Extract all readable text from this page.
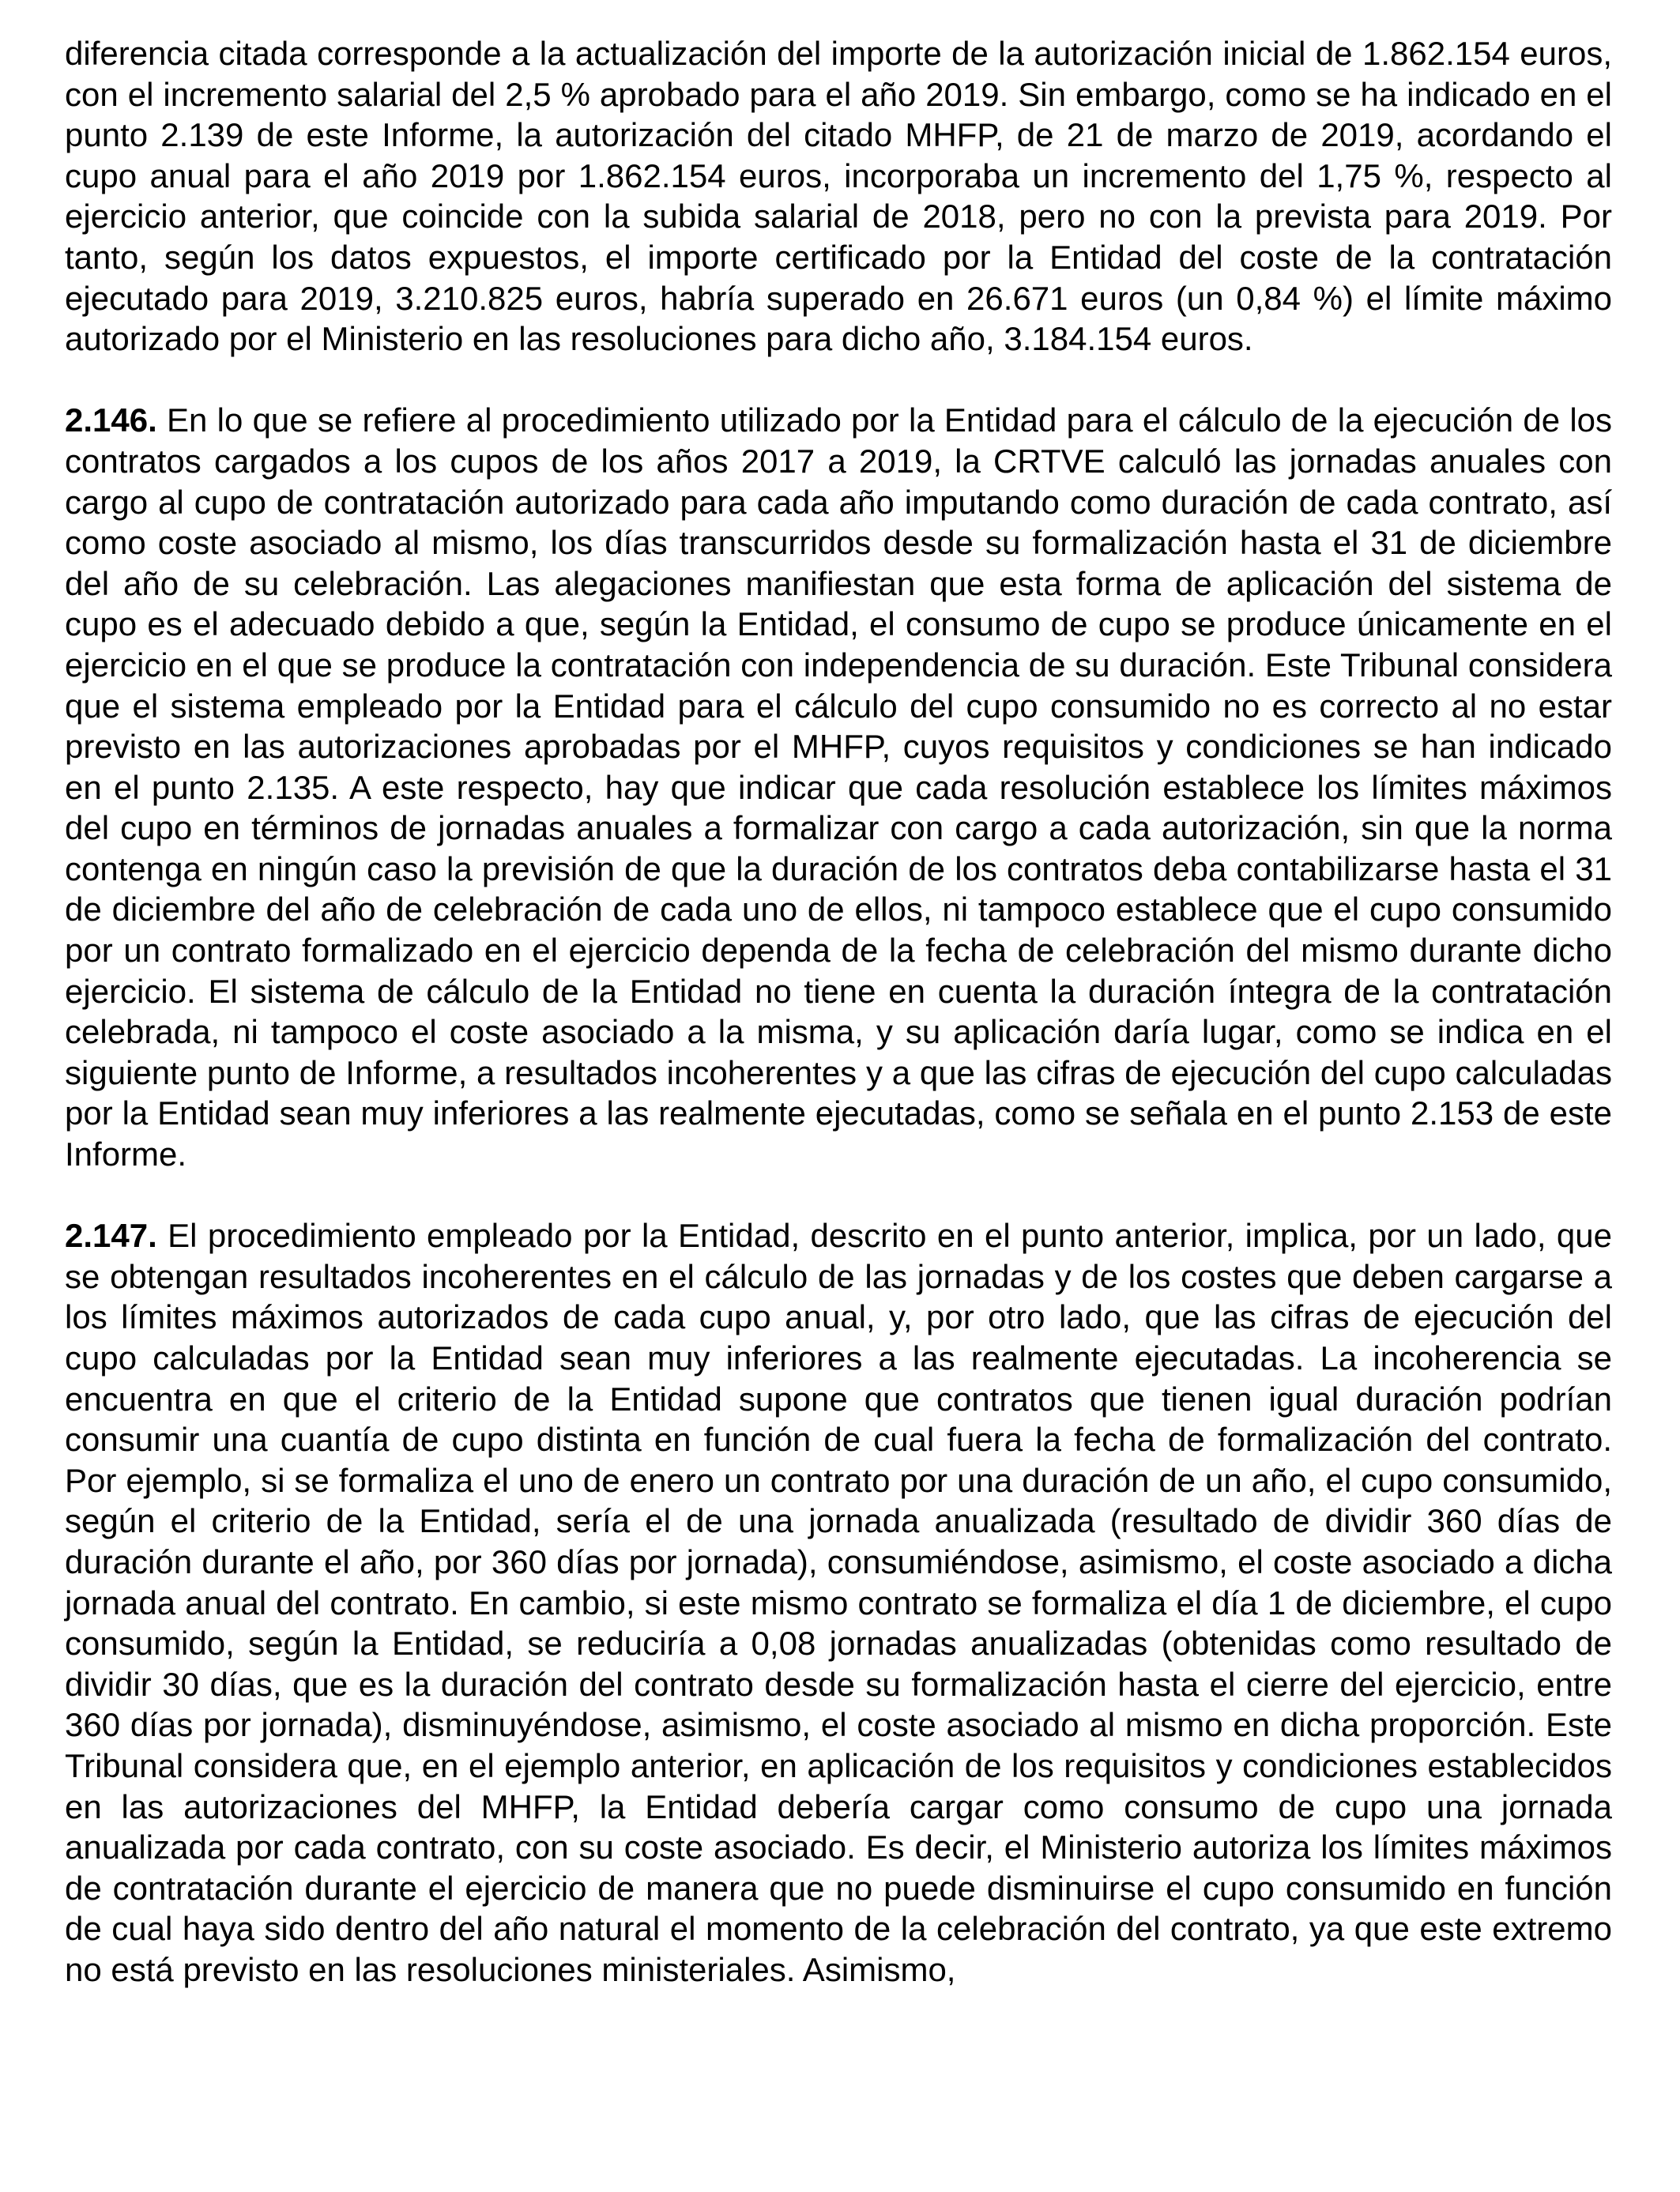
diferencia citada corresponde a la actualización del importe de la autorización inicial de 1.862.154 euros, con el incremento salarial del 2,5 % aprobado para el año 2019. Sin embargo, como se ha indicado en el punto 2.139 de este Informe, la autorización del citado MHFP, de 21 de marzo de 2019, acordando el cupo anual para el año 2019 por 1.862.154 euros, incorporaba un incremento del 1,75 %, respecto al ejercicio anterior, que coincide con la subida salarial de 2018, pero no con la prevista para 2019. Por tanto, según los datos expuestos, el importe certificado por la Entidad del coste de la contratación ejecutado para 2019, 3.210.825 euros, habría superado en 26.671 euros (un 0,84 %) el límite máximo autorizado por el Ministerio en las resoluciones para dicho año, 3.184.154 euros.

2.146. En lo que se refiere al procedimiento utilizado por la Entidad para el cálculo de la ejecución de los contratos cargados a los cupos de los años 2017 a 2019, la CRTVE calculó las jornadas anuales con cargo al cupo de contratación autorizado para cada año imputando como duración de cada contrato, así como coste asociado al mismo, los días transcurridos desde su formalización hasta el 31 de diciembre del año de su celebración. Las alegaciones manifiestan que esta forma de aplicación del sistema de cupo es el adecuado debido a que, según la Entidad, el consumo de cupo se produce únicamente en el ejercicio en el que se produce la contratación con independencia de su duración. Este Tribunal considera que el sistema empleado por la Entidad para el cálculo del cupo consumido no es correcto al no estar previsto en las autorizaciones aprobadas por el MHFP, cuyos requisitos y condiciones se han indicado en el punto 2.135. A este respecto, hay que indicar que cada resolución establece los límites máximos del cupo en términos de jornadas anuales a formalizar con cargo a cada autorización, sin que la norma contenga en ningún caso la previsión de que la duración de los contratos deba contabilizarse hasta el 31 de diciembre del año de celebración de cada uno de ellos, ni tampoco establece que el cupo consumido por un contrato formalizado en el ejercicio dependa de la fecha de celebración del mismo durante dicho ejercicio. El sistema de cálculo de la Entidad no tiene en cuenta la duración íntegra de la contratación celebrada, ni tampoco el coste asociado a la misma, y su aplicación daría lugar, como se indica en el siguiente punto de Informe, a resultados incoherentes y a que las cifras de ejecución del cupo calculadas por la Entidad sean muy inferiores a las realmente ejecutadas, como se señala en el punto 2.153 de este Informe.

2.147. El procedimiento empleado por la Entidad, descrito en el punto anterior, implica, por un lado, que se obtengan resultados incoherentes en el cálculo de las jornadas y de los costes que deben cargarse a los límites máximos autorizados de cada cupo anual, y, por otro lado, que las cifras de ejecución del cupo calculadas por la Entidad sean muy inferiores a las realmente ejecutadas. La incoherencia se encuentra en que el criterio de la Entidad supone que contratos que tienen igual duración podrían consumir una cuantía de cupo distinta en función de cual fuera la fecha de formalización del contrato. Por ejemplo, si se formaliza el uno de enero un contrato por una duración de un año, el cupo consumido, según el criterio de la Entidad, sería el de una jornada anualizada (resultado de dividir 360 días de duración durante el año, por 360 días por jornada), consumiéndose, asimismo, el coste asociado a dicha jornada anual del contrato. En cambio, si este mismo contrato se formaliza el día 1 de diciembre, el cupo consumido, según la Entidad, se reduciría a 0,08 jornadas anualizadas (obtenidas como resultado de dividir 30 días, que es la duración del contrato desde su formalización hasta el cierre del ejercicio, entre 360 días por jornada), disminuyéndose, asimismo, el coste asociado al mismo en dicha proporción. Este Tribunal considera que, en el ejemplo anterior, en aplicación de los requisitos y condiciones establecidos en las autorizaciones del MHFP, la Entidad debería cargar como consumo de cupo una jornada anualizada por cada contrato, con su coste asociado. Es decir, el Ministerio autoriza los límites máximos de contratación durante el ejercicio de manera que no puede disminuirse el cupo consumido en función de cual haya sido dentro del año natural el momento de la celebración del contrato, ya que este extremo no está previsto en las resoluciones ministeriales. Asimismo,
